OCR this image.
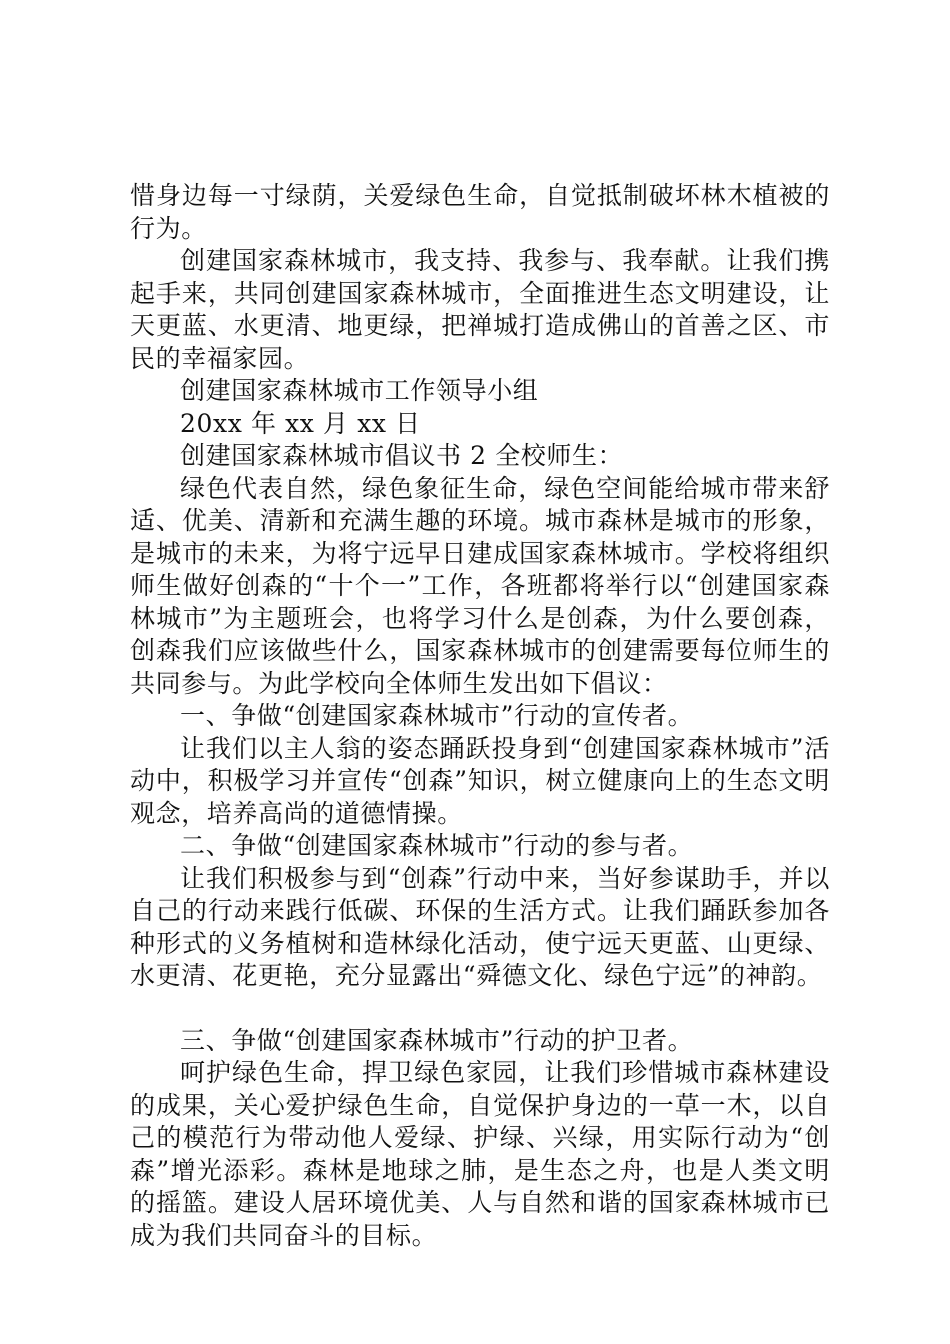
惜身边每一寸绿荫，关爱绿色生命，自觉抵制破坏林木植被的行为。

创建国家森林城市，我支持、我参与、我奉献。让我们携起手来，共同创建国家森林城市，全面推进生态文明建设，让天更蓝、水更清、地更绿，把禅城打造成佛山的首善之区、市民的幸福家园。

创建国家森林城市工作领导小组

20xx 年 xx 月 xx 日

创建国家森林城市倡议书 2 全校师生：

绿色代表自然，绿色象征生命，绿色空间能给城市带来舒适、优美、清新和充满生趣的环境。城市森林是城市的形象，是城市的未来，为将宁远早日建成国家森林城市。学校将组织师生做好创森的“十个一”工作，各班都将举行以“创建国家森林城市”为主题班会，也将学习什么是创森，为什么要创森，创森我们应该做些什么，国家森林城市的创建需要每位师生的共同参与。为此学校向全体师生发出如下倡议：

一、争做“创建国家森林城市”行动的宣传者。

让我们以主人翁的姿态踊跃投身到“创建国家森林城市”活动中，积极学习并宣传“创森”知识，树立健康向上的生态文明观念，培养高尚的道德情操。

二、争做“创建国家森林城市”行动的参与者。

让我们积极参与到“创森”行动中来，当好参谋助手，并以自己的行动来践行低碳、环保的生活方式。让我们踊跃参加各种形式的义务植树和造林绿化活动，使宁远天更蓝、山更绿、水更清、花更艳，充分显露出“舜德文化、绿色宁远”的神韵。

三、争做“创建国家森林城市”行动的护卫者。

呵护绿色生命，捍卫绿色家园，让我们珍惜城市森林建设的成果，关心爱护绿色生命，自觉保护身边的一草一木，以自己的模范行为带动他人爱绿、护绿、兴绿，用实际行动为“创森”增光添彩。森林是地球之肺，是生态之舟，也是人类文明的摇篮。建设人居环境优美、人与自然和谐的国家森林城市已成为我们共同奋斗的目标。
